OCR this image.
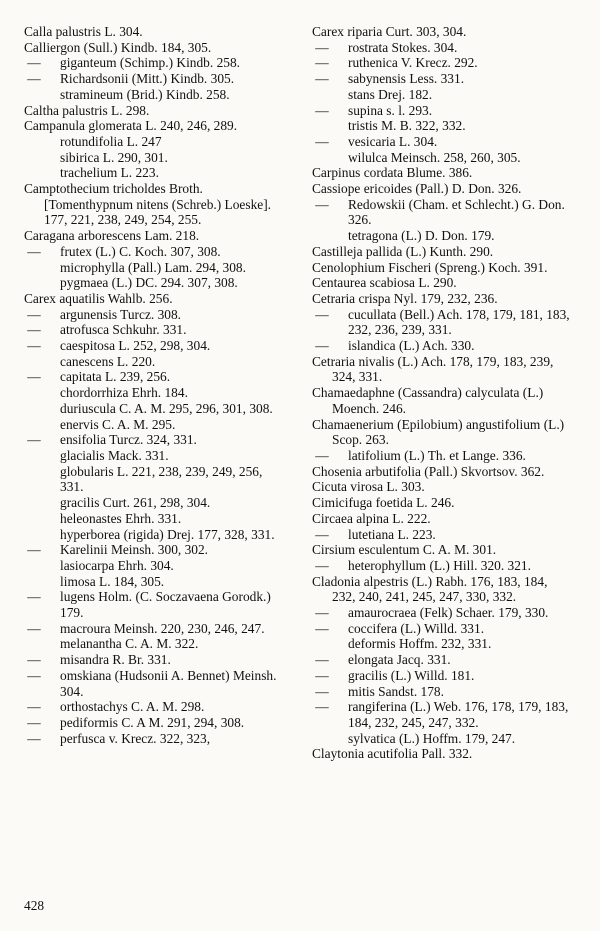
Calla palustris L. 304.
Calliergon (Sull.) Kindb. 184, 305.
— giganteum (Schimp.) Kindb. 258.
— Richardsonii (Mitt.) Kindb. 305.
stramineum (Brid.) Kindb. 258.
Caltha palustris L. 298.
Campanula glomerata L. 240, 246, 289.
rotundifolia L. 247
sibirica L. 290, 301.
trachelium L. 223.
Camptothecium tricholdes Broth. [Tomenthypnum nitens (Schreb.) Loeske]. 177, 221, 238, 249, 254, 255.
Caragana arborescens Lam. 218.
— frutex (L.) C. Koch. 307, 308.
microphylla (Pall.) Lam. 294, 308.
pygmaea (L.) DC. 294. 307, 308.
Carex aquatilis Wahlb. 256.
— argunensis Turcz. 308.
— atrofusca Schkuhr. 331.
— caespitosa L. 252, 298, 304.
canescens L. 220.
— capitata L. 239, 256.
chordorrhiza Ehrh. 184.
duriuscula C. A. M. 295, 296, 301, 308.
enervis C. A. M. 295.
— ensifolia Turcz. 324, 331.
glacialis Mack. 331.
globularis L. 221, 238, 239, 249, 256, 331.
gracilis Curt. 261, 298, 304.
heleonastes Ehrh. 331.
hyperborea (rigida) Drej. 177, 328, 331.
— Karelinii Meinsh. 300, 302.
lasiocarpa Ehrh. 304.
limosa L. 184, 305.
— lugens Holm. (C. Soczavaena Gorodk.) 179.
— macroura Meinsh. 220, 230, 246, 247.
melanantha C. A. M. 322.
— misandra R. Br. 331.
— omskiana (Hudsonii A. Bennet) Meinsh. 304.
— orthostachys C. A. M. 298.
— pediformis C. A M. 291, 294, 308.
— perfusca v. Krecz. 322, 323,
Carex riparia Curt. 303, 304.
— rostrata Stokes. 304.
— ruthenica V. Krecz. 292.
— sabynensis Less. 331.
stans Drej. 182.
— supina s. l. 293.
tristis M. B. 322, 332.
— vesicaria L. 304.
wilulca Meinsch. 258, 260, 305.
Carpinus cordata Blume. 386.
Cassiope ericoides (Pall.) D. Don. 326.
— Redowskii (Cham. et Schlecht.) G. Don. 326.
tetragona (L.) D. Don. 179.
Castilleja pallida (L.) Kunth. 290.
Cenolophium Fischeri (Spreng.) Koch. 391.
Centaurea scabiosa L. 290.
Cetraria crispa Nyl. 179, 232, 236.
— cucullata (Bell.) Ach. 178, 179, 181, 183, 232, 236, 239, 331.
— islandica (L.) Ach. 330.
Cetraria nivalis (L.) Ach. 178, 179, 183, 239, 324, 331.
Chamaedaphne (Cassandra) calyculata (L.) Moench. 246.
Chamaenerium (Epilobium) angustifolium (L.) Scop. 263.
— latifolium (L.) Th. et Lange. 336.
Chosenia arbutifolia (Pall.) Skvortsov. 362.
Cicuta virosa L. 303.
Cimicifuga foetida L. 246.
Circaea alpina L. 222.
— lutetiana L. 223.
Cirsium esculentum C. A. M. 301.
— heterophyllum (L.) Hill. 320. 321.
Cladonia alpestris (L.) Rabh. 176, 183, 184, 232, 240, 241, 245, 247, 330, 332.
— amaurocraea (Felk) Schaer. 179, 330.
— coccifera (L.) Willd. 331.
deformis Hoffm. 232, 331.
— elongata Jacq. 331.
— gracilis (L.) Willd. 181.
— mitis Sandst. 178.
— rangiferina (L.) Web. 176, 178, 179, 183, 184, 232, 245, 247, 332.
sylvatica (L.) Hoffm. 179, 247.
Claytonia acutifolia Pall. 332.
428
